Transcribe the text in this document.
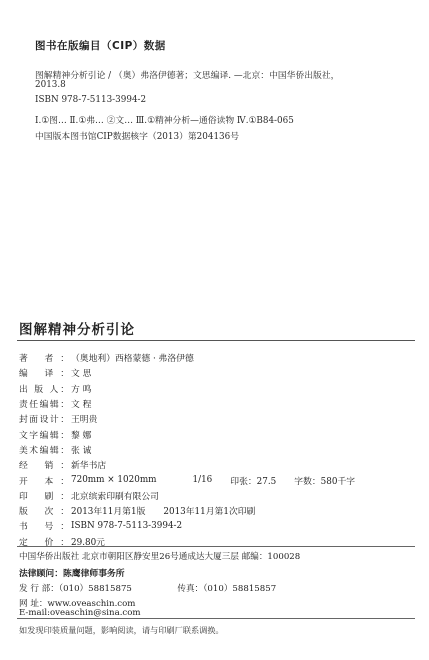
图书在版编目（CIP）数据
图解精神分析引论 / （奥）弗洛伊德著；文思编译. —北京：中国华侨出版社，
2013.8
ISBN 978-7-5113-3994-2
Ⅰ.①图… Ⅱ.①弗… ②文… Ⅲ.①精神分析—通俗读物 Ⅳ.①B84-065
中国版本图书馆CIP数据核字（2013）第204136号
图解精神分析引论
著 者： （奥地利）西格蒙德 · 弗洛伊德
编 译： 文 思
出 版 人： 方 鸣
责任编辑： 文 程
封面设计： 王明贵
文字编辑： 黎 娜
美术编辑： 张 诚
经 销： 新华书店
开 本： 720mm × 1020mm	1/16 印张：27.5 字数：580千字
印 刷： 北京缤索印刷有限公司
版 次： 2013年11月第1版 2013年11月第1次印刷
书 号： ISBN 978-7-5113-3994-2
定 价： 29.80元
中国华侨出版社 北京市朝阳区静安里26号通成达大厦三层 邮编：100028
法律顾问：陈鹰律师事务所
发 行 部：（010）58815875	传真：（010）58815857
网 址：www.oveaschin.com
E-mail:oveaschin@sina.com
如发现印装质量问题，影响阅读，请与印刷厂联系调换。
